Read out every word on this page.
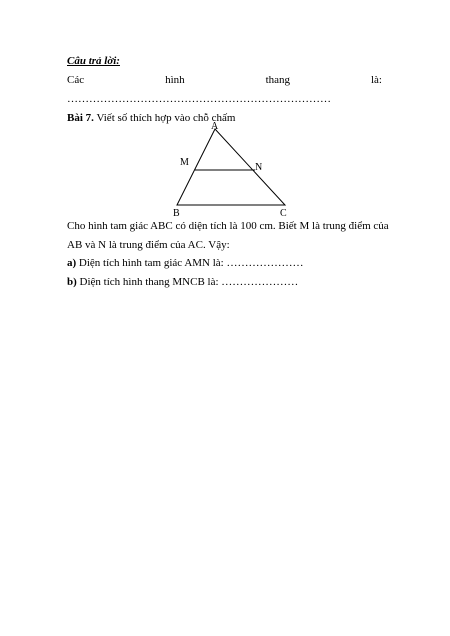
Câu trả lời:
Các	hình	thang	là:
………………………………………………………………
Bài 7. Viết số thích hợp vào chỗ chấm
A
M	N
B	C
Cho hình tam giác ABC có diện tích là 100 cm. Biết M là trung điểm của
AB và N là trung điểm của AC. Vậy:
a) Diện tích hình tam giác AMN là: …………………
b) Diện tích hình thang MNCB là: …………………
